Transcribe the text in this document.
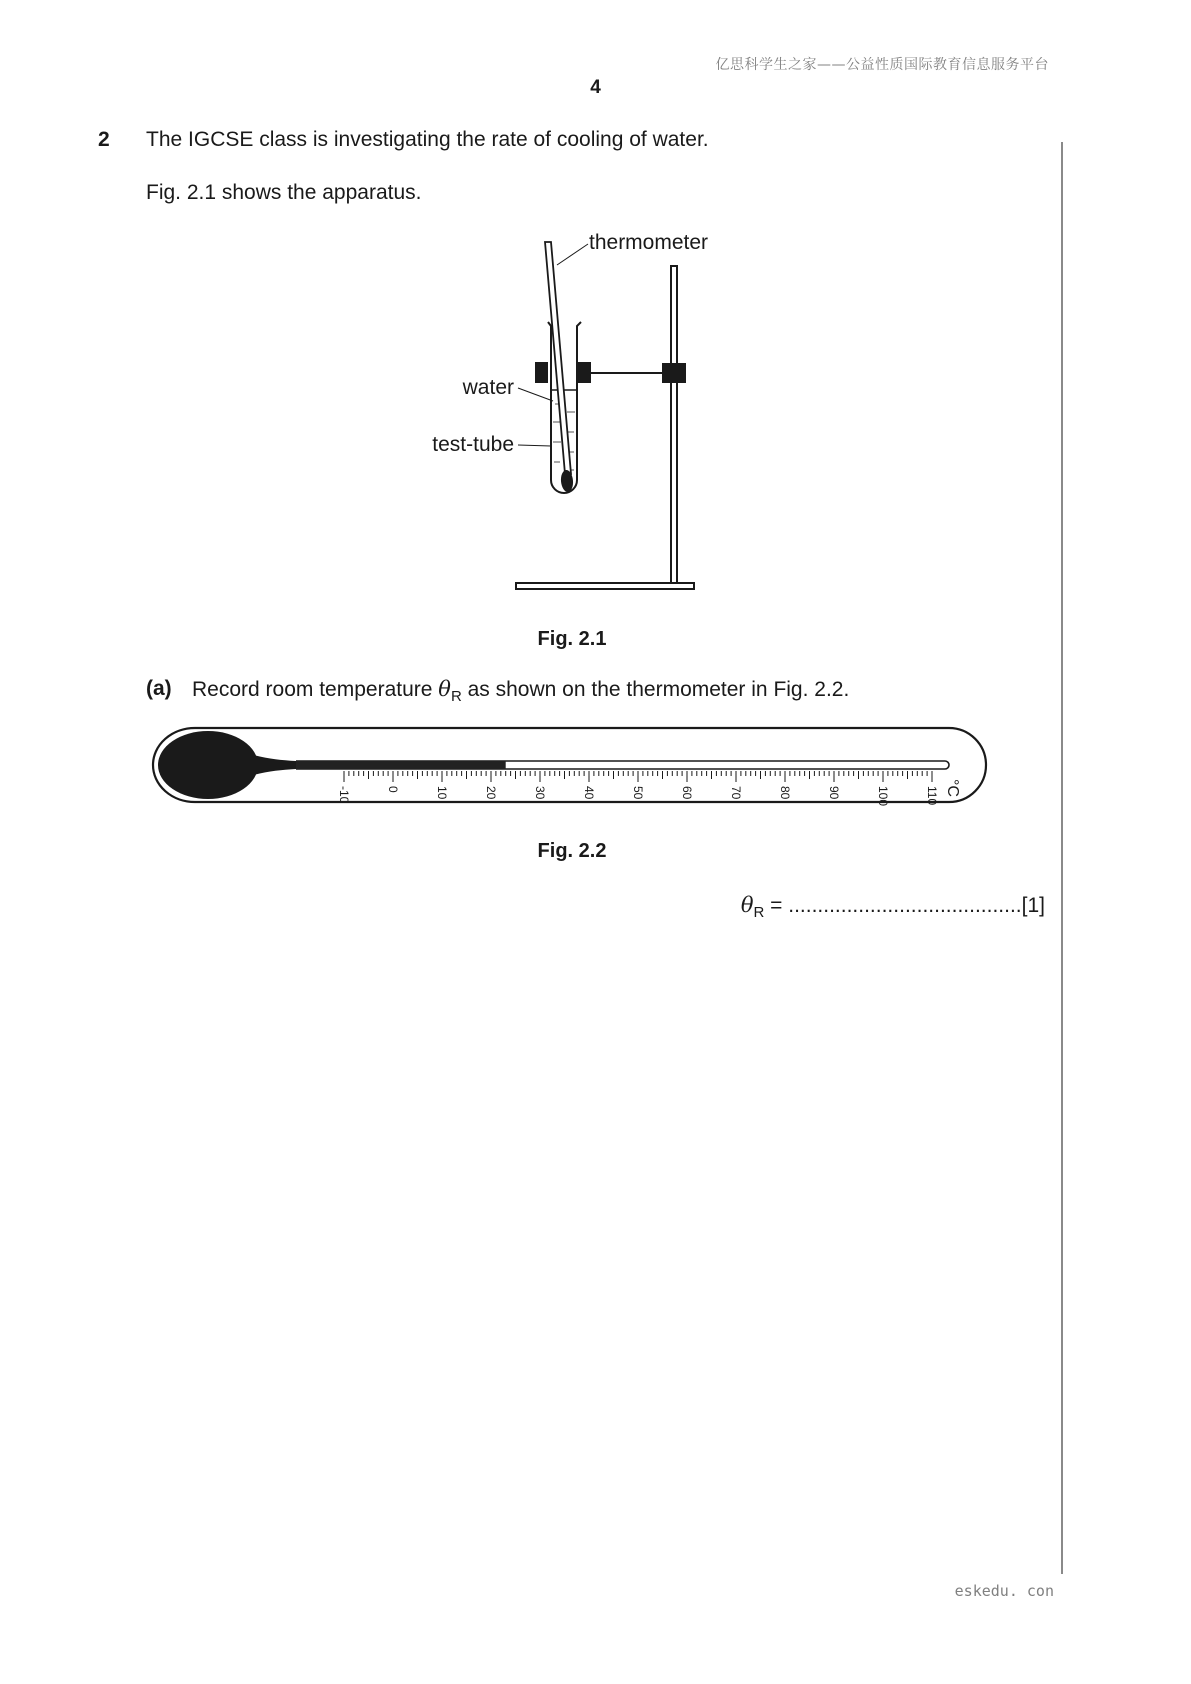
亿思科学生之家——公益性质国际教育信息服务平台
4
2 The IGCSE class is investigating the rate of cooling of water.
Fig. 2.1 shows the apparatus.
thermometer
water
test-tube
Fig. 2.1
(a) Record room temperature $\theta_R$ as shown on the thermometer in Fig. 2.2.
-10	0	10	20	30	40	50	60	70	80	90	100	110 °C
Fig. 2.2
$\theta_R = ........................................[1]$
eskedu. con
